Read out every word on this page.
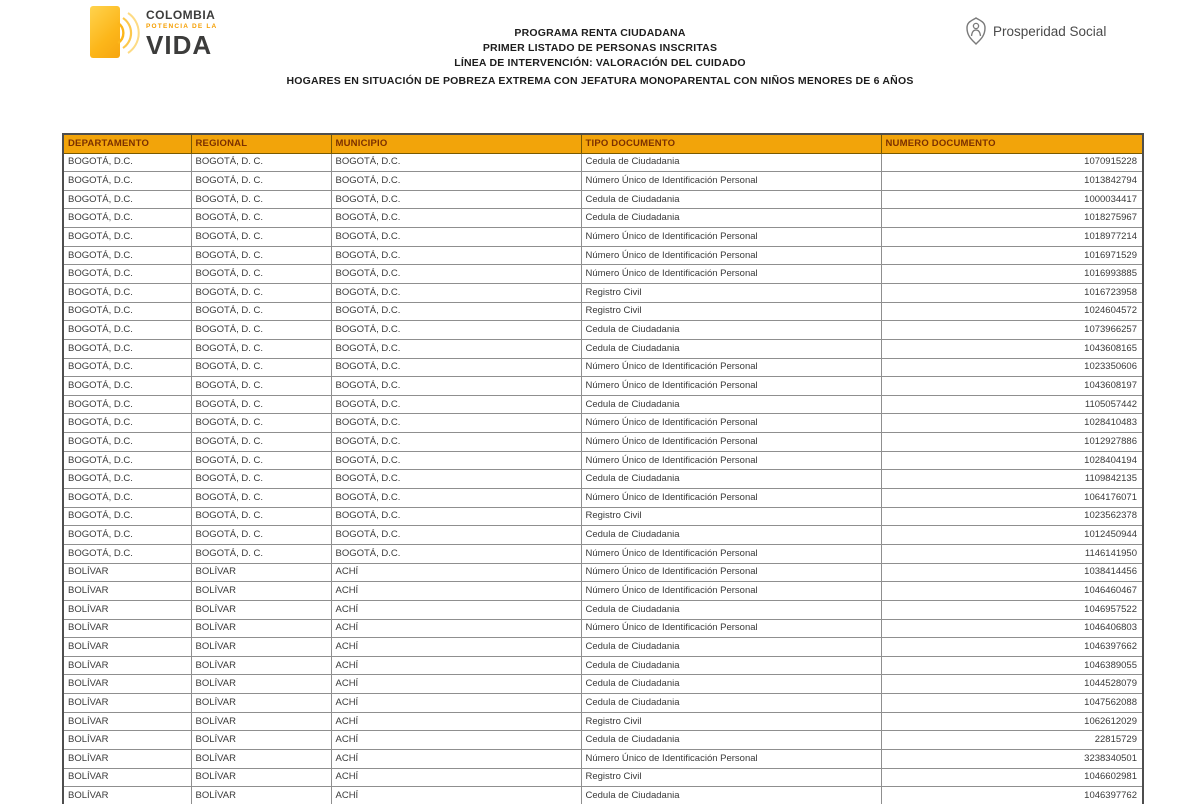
COLOMBIA
POTENCIA DE LA
VIDA	PROGRAMA RENTA CIUDADANA
PRIMER LISTADO DE PERSONAS INSCRITAS
LÍNEA DE INTERVENCIÓN: VALORACIÓN DEL CUIDADO
HOGARES EN SITUACIÓN DE POBREZA EXTREMA CON JEFATURA MONOPARENTAL CON NIÑOS MENORES DE 6 AÑOS
Prosperidad Social
DEPARTAMENTO	REGIONAL	MUNICIPIO	TIPO DOCUMENTO	NUMERO DOCUMENTO
BOGOTÁ, D.C.	BOGOTÁ, D. C.	BOGOTÁ, D.C.	Cedula de Ciudadania	1070915228
BOGOTÁ, D.C.	BOGOTÁ, D. C.	BOGOTÁ, D.C.	Número Único de Identificación Personal	1013842794
BOGOTÁ, D.C.	BOGOTÁ, D. C.	BOGOTÁ, D.C.	Cedula de Ciudadania	1000034417
BOGOTÁ, D.C.	BOGOTÁ, D. C.	BOGOTÁ, D.C.	Cedula de Ciudadania	1018275967
BOGOTÁ, D.C.	BOGOTÁ, D. C.	BOGOTÁ, D.C.	Número Único de Identificación Personal	1018977214
BOGOTÁ, D.C.	BOGOTÁ, D. C.	BOGOTÁ, D.C.	Número Único de Identificación Personal	1016971529
BOGOTÁ, D.C.	BOGOTÁ, D. C.	BOGOTÁ, D.C.	Número Único de Identificación Personal	1016993885
BOGOTÁ, D.C.	BOGOTÁ, D. C.	BOGOTÁ, D.C.	Registro Civil	1016723958
BOGOTÁ, D.C.	BOGOTÁ, D. C.	BOGOTÁ, D.C.	Registro Civil	1024604572
BOGOTÁ, D.C.	BOGOTÁ, D. C.	BOGOTÁ, D.C.	Cedula de Ciudadania	1073966257
BOGOTÁ, D.C.	BOGOTÁ, D. C.	BOGOTÁ, D.C.	Cedula de Ciudadania	1043608165
BOGOTÁ, D.C.	BOGOTÁ, D. C.	BOGOTÁ, D.C.	Número Único de Identificación Personal	1023350606
BOGOTÁ, D.C.	BOGOTÁ, D. C.	BOGOTÁ, D.C.	Número Único de Identificación Personal	1043608197
BOGOTÁ, D.C.	BOGOTÁ, D. C.	BOGOTÁ, D.C.	Cedula de Ciudadania	1105057442
BOGOTÁ, D.C.	BOGOTÁ, D. C.	BOGOTÁ, D.C.	Número Único de Identificación Personal	1028410483
BOGOTÁ, D.C.	BOGOTÁ, D. C.	BOGOTÁ, D.C.	Número Único de Identificación Personal	1012927886
BOGOTÁ, D.C.	BOGOTÁ, D. C.	BOGOTÁ, D.C.	Número Único de Identificación Personal	1028404194
BOGOTÁ, D.C.	BOGOTÁ, D. C.	BOGOTÁ, D.C.	Cedula de Ciudadania	1109842135
BOGOTÁ, D.C.	BOGOTÁ, D. C.	BOGOTÁ, D.C.	Número Único de Identificación Personal	1064176071
BOGOTÁ, D.C.	BOGOTÁ, D. C.	BOGOTÁ, D.C.	Registro Civil	1023562378
BOGOTÁ, D.C.	BOGOTÁ, D. C.	BOGOTÁ, D.C.	Cedula de Ciudadania	1012450944
BOGOTÁ, D.C.	BOGOTÁ, D. C.	BOGOTÁ, D.C.	Número Único de Identificación Personal	1146141950
BOLÍVAR	BOLÍVAR	ACHÍ	Número Único de Identificación Personal	1038414456
BOLÍVAR	BOLÍVAR	ACHÍ	Número Único de Identificación Personal	1046460467
BOLÍVAR	BOLÍVAR	ACHÍ	Cedula de Ciudadania	1046957522
BOLÍVAR	BOLÍVAR	ACHÍ	Número Único de Identificación Personal	1046406803
BOLÍVAR	BOLÍVAR	ACHÍ	Cedula de Ciudadania	1046397662
BOLÍVAR	BOLÍVAR	ACHÍ	Cedula de Ciudadania	1046389055
BOLÍVAR	BOLÍVAR	ACHÍ	Cedula de Ciudadania	1044528079
BOLÍVAR	BOLÍVAR	ACHÍ	Cedula de Ciudadania	1047562088
BOLÍVAR	BOLÍVAR	ACHÍ	Registro Civil	1062612029
BOLÍVAR	BOLÍVAR	ACHÍ	Cedula de Ciudadania	22815729
BOLÍVAR	BOLÍVAR	ACHÍ	Número Único de Identificación Personal	3238340501
BOLÍVAR	BOLÍVAR	ACHÍ	Registro Civil	1046602981
BOLÍVAR	BOLÍVAR	ACHÍ	Cedula de Ciudadania	1046397762
